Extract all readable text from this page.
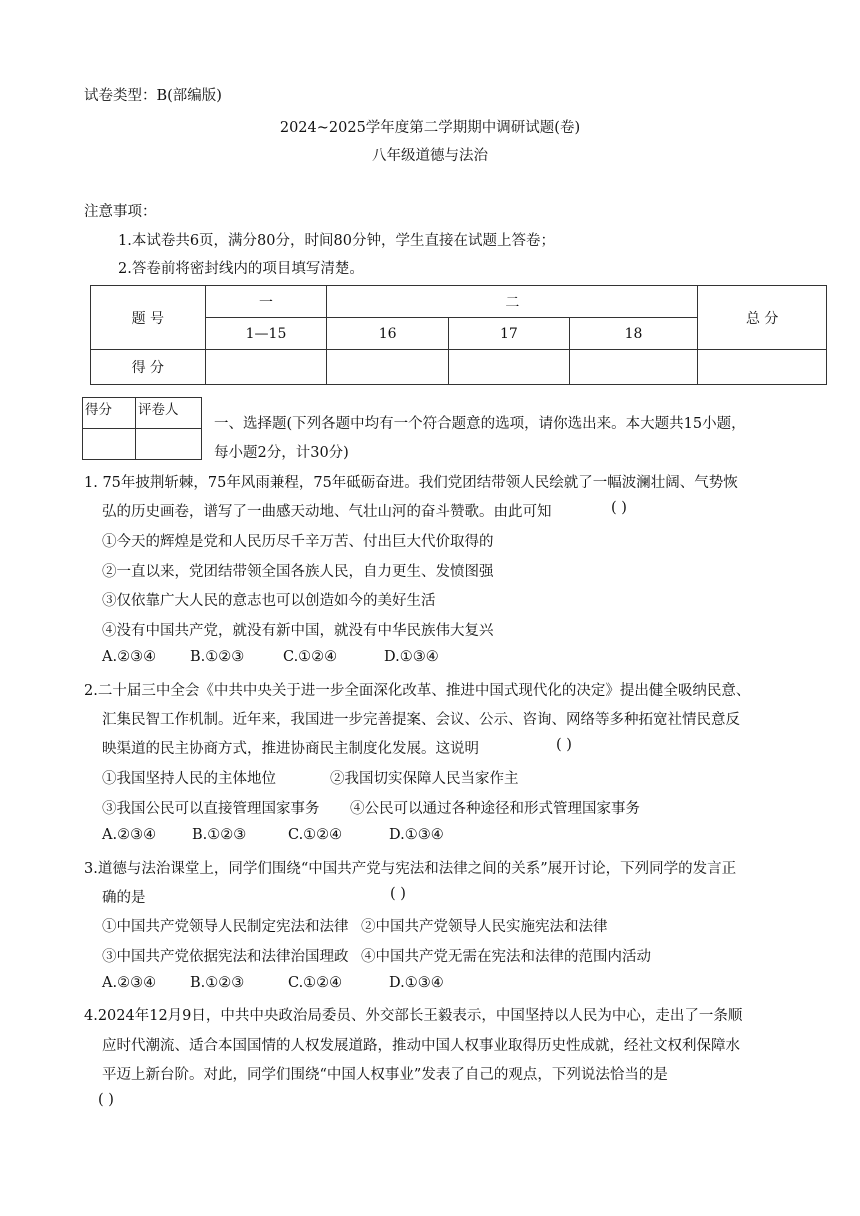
试卷类型：B(部编版)
2024~2025学年度第二学期期中调研试题(卷)
八年级道德与法治
注意事项：
1.本试卷共6页，满分80分，时间80分钟，学生直接在试题上答卷；
2.答卷前将密封线内的项目填写清楚。
题 号	一	二			总 分
	1—15	16	17	18	
得 分					
得分	评卷人

一、选择题(下列各题中均有一个符合题意的选项，请你选出来。本大题共15小题，
每小题2分，计30分)
1. 75年披荆斩棘，75年风雨兼程，75年砥砺奋进。我们党团结带领人民绘就了一幅波澜壮阔、气势恢
弘的历史画卷，谱写了一曲感天动地、气壮山河的奋斗赞歌。由此可知	( )
①今天的辉煌是党和人民历尽千辛万苦、付出巨大代价取得的
②一直以来，党团结带领全国各族人民，自力更生、发愤图强
③仅依靠广大人民的意志也可以创造如今的美好生活
④没有中国共产党，就没有新中国，就没有中华民族伟大复兴
A.②③④ B.①②③	C.①②④	D.①③④
2.二十届三中全会《中共中央关于进一步全面深化改革、推进中国式现代化的决定》提出健全吸纳民意、
汇集民智工作机制。近年来，我国进一步完善提案、会议、公示、咨询、网络等多种拓宽社情民意反
映渠道的民主协商方式，推进协商民主制度化发展。这说明	( )
①我国坚持人民的主体地位	②我国切实保障人民当家作主
③我国公民可以直接管理国家事务 ④公民可以通过各种途径和形式管理国家事务
A.②③④ B.①②③	C.①②④	D.①③④
3.道德与法治课堂上，同学们围绕“中国共产党与宪法和法律之间的关系”展开讨论，下列同学的发言正
确的是	( )
①中国共产党领导人民制定宪法和法律 ②中国共产党领导人民实施宪法和法律
③中国共产党依据宪法和法律治国理政 ④中国共产党无需在宪法和法律的范围内活动
A.②③④ B.①②③	C.①②④	D.①③④
4.2024年12月9日，中共中央政治局委员、外交部长王毅表示，中国坚持以人民为中心，走出了一条顺
应时代潮流、适合本国国情的人权发展道路，推动中国人权事业取得历史性成就，经社文权利保障水
平迈上新台阶。对此，同学们围绕“中国人权事业”发表了自己的观点，下列说法恰当的是
( )
